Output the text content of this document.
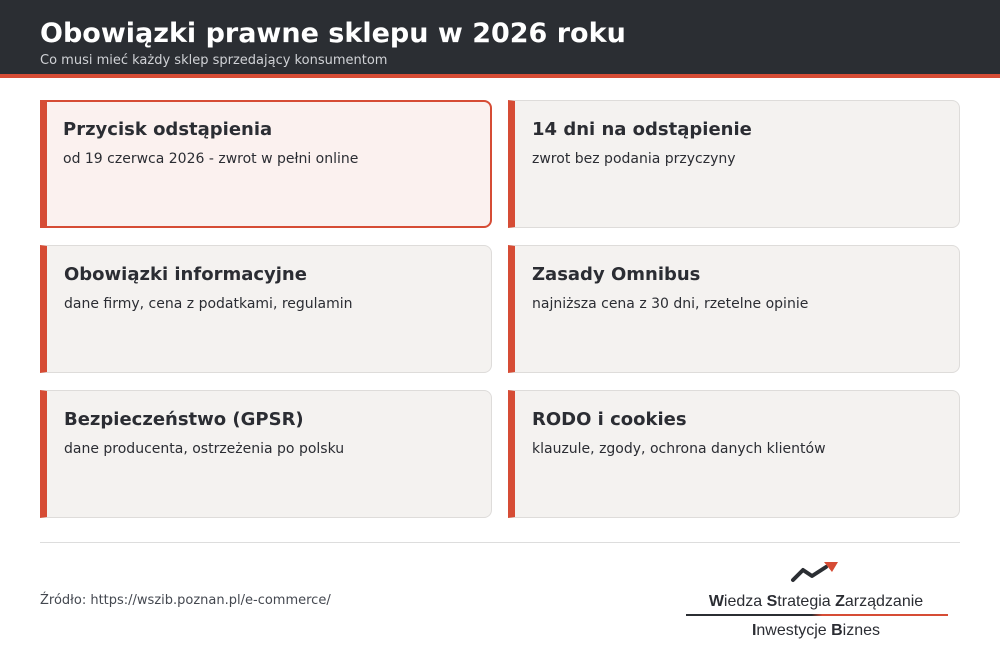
Obowiązki prawne sklepu w 2026 roku
Co musi mieć każdy sklep sprzedający konsumentom
Przycisk odstąpienia
od 19 czerwca 2026 - zwrot w pełni online
14 dni na odstąpienie
zwrot bez podania przyczyny
Obowiązki informacyjne
dane firmy, cena z podatkami, regulamin
Zasady Omnibus
najniższa cena z 30 dni, rzetelne opinie
Bezpieczeństwo (GPSR)
dane producenta, ostrzeżenia po polsku
RODO i cookies
klauzule, zgody, ochrona danych klientów
Źródło: https://wszib.poznan.pl/e-commerce/	Wiedza Strategia Zarządzanie
Inwestycje Biznes
